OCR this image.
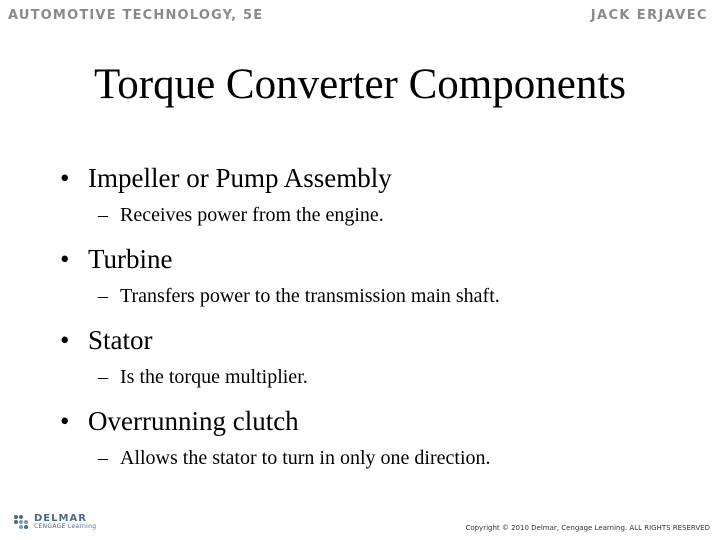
AUTOMOTIVE TECHNOLOGY, 5E	JACK ERJAVEC
Torque Converter Components
• Impeller or Pump Assembly
– Receives power from the engine.
• Turbine
– Transfers power to the transmission main shaft.
• Stator
– Is the torque multiplier.
• Overrunning clutch
– Allows the stator to turn in only one direction.
DELMAR
CENGAGE Learning	Copyright © 2010 Delmar, Cengage Learning. ALL RIGHTS RESERVED
